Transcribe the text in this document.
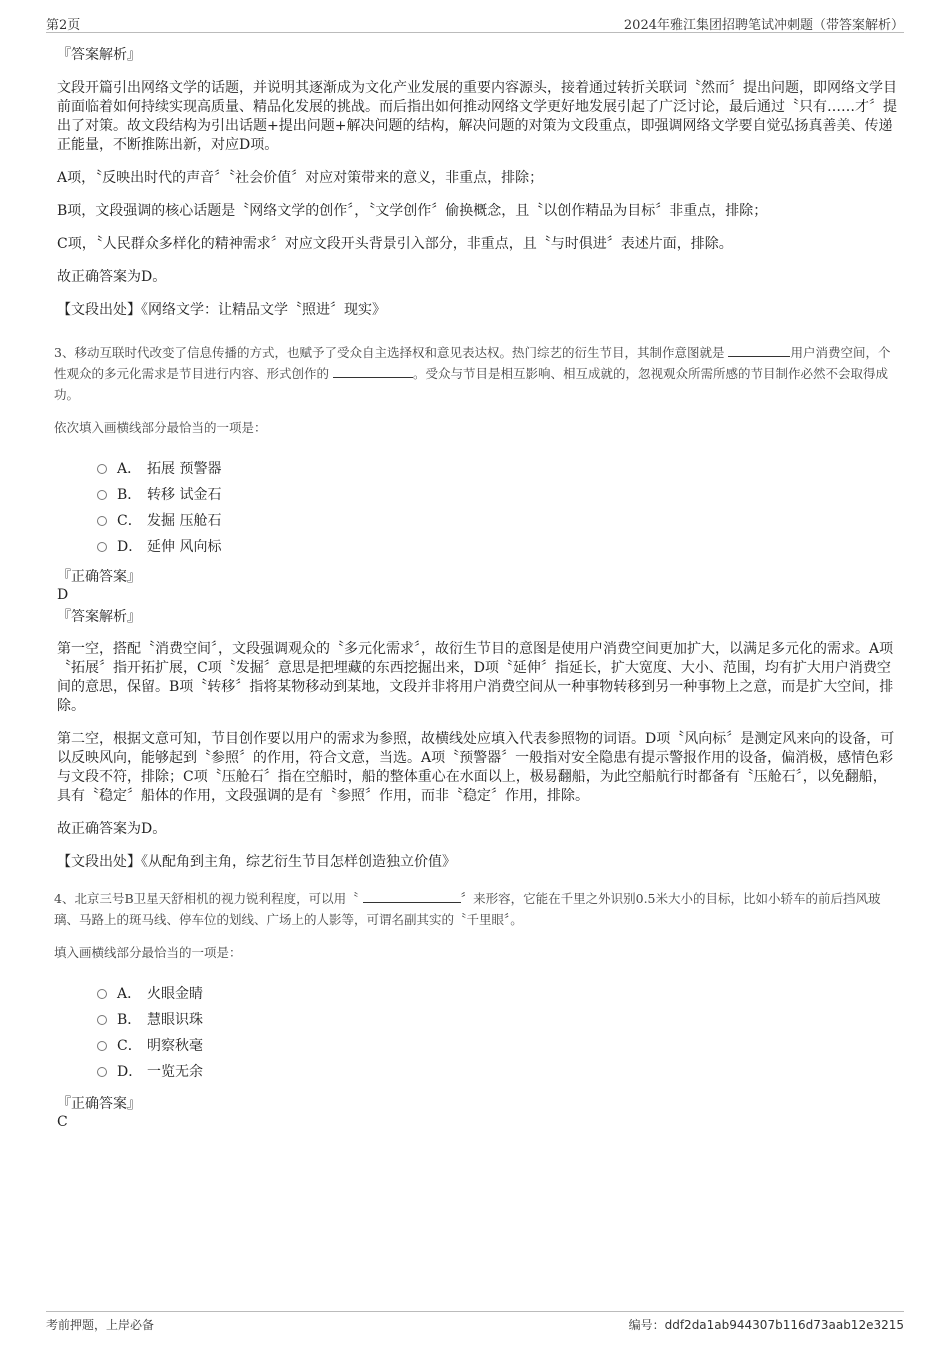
第2页	2024年雅江集团招聘笔试冲刺题（带答案解析）

『答案解析』

文段开篇引出网络文学的话题，并说明其逐渐成为文化产业发展的重要内容源头，接着通过转折关联词〝然而〞提出问题，即网络文学目前面临着如何持续实现高质量、精品化发展的挑战。而后指出如何推动网络文学更好地发展引起了广泛讨论，最后通过〝只有……才〞提出了对策。故文段结构为引出话题+提出问题+解决问题的结构，解决问题的对策为文段重点，即强调网络文学要自觉弘扬真善美、传递正能量，不断推陈出新，对应D项。

A项，〝反映出时代的声音〞〝社会价值〞对应对策带来的意义，非重点，排除；

B项，文段强调的核心话题是〝网络文学的创作〞，〝文学创作〞偷换概念，且〝以创作精品为目标〞非重点，排除；

C项，〝人民群众多样化的精神需求〞对应文段开头背景引入部分，非重点，且〝与时俱进〞表述片面，排除。

故正确答案为D。

【文段出处】《网络文学：让精品文学〝照进〞现实》

3、移动互联时代改变了信息传播的方式，也赋予了受众自主选择权和意见表达权。热门综艺的衍生节目，其制作意图就是	用户消费空间，个性观众的多元化需求是节目进行内容、形式创作的	。受众与节目是相互影响、相互成就的，忽视观众所需所感的节目制作必然不会取得成功。

依次填入画横线部分最恰当的一项是：

A． 拓展 预警器
B． 转移 试金石
C． 发掘 压舱石
D． 延伸 风向标

『正确答案』

D

『答案解析』

第一空，搭配〝消费空间〞，文段强调观众的〝多元化需求〞，故衍生节目的意图是使用户消费空间更加扩大，以满足多元化的需求。A项〝拓展〞指开拓扩展，C项〝发掘〞意思是把埋藏的东西挖掘出来，D项〝延伸〞指延长，扩大宽度、大小、范围，均有扩大用户消费空间的意思，保留。B项〝转移〞指将某物移动到某地，文段并非将用户消费空间从一种事物转移到另一种事物上之意，而是扩大空间，排除。

第二空，根据文意可知，节目创作要以用户的需求为参照，故横线处应填入代表参照物的词语。D项〝风向标〞是测定风来向的设备，可以反映风向，能够起到〝参照〞的作用，符合文意，当选。A项〝预警器〞一般指对安全隐患有提示警报作用的设备，偏消极，感情色彩与文段不符，排除；C项〝压舱石〞指在空船时，船的整体重心在水面以上，极易翻船，为此空船航行时都备有〝压舱石〞，以免翻船，具有〝稳定〞船体的作用，文段强调的是有〝参照〞作用，而非〝稳定〞作用，排除。

故正确答案为D。

【文段出处】《从配角到主角，综艺衍生节目怎样创造独立价值》

4、北京三号B卫星天舒相机的视力锐利程度，可以用〝	〞来形容，它能在千里之外识别0.5米大小的目标，比如小轿车的前后挡风玻璃、马路上的斑马线、停车位的划线、广场上的人影等，可谓名副其实的〝千里眼〞。

填入画横线部分最恰当的一项是：

A． 火眼金睛
B． 慧眼识珠
C． 明察秋毫
D． 一览无余

『正确答案』

C

考前押题，上岸必备	编号：ddf2da1ab944307b116d73aab12e3215
